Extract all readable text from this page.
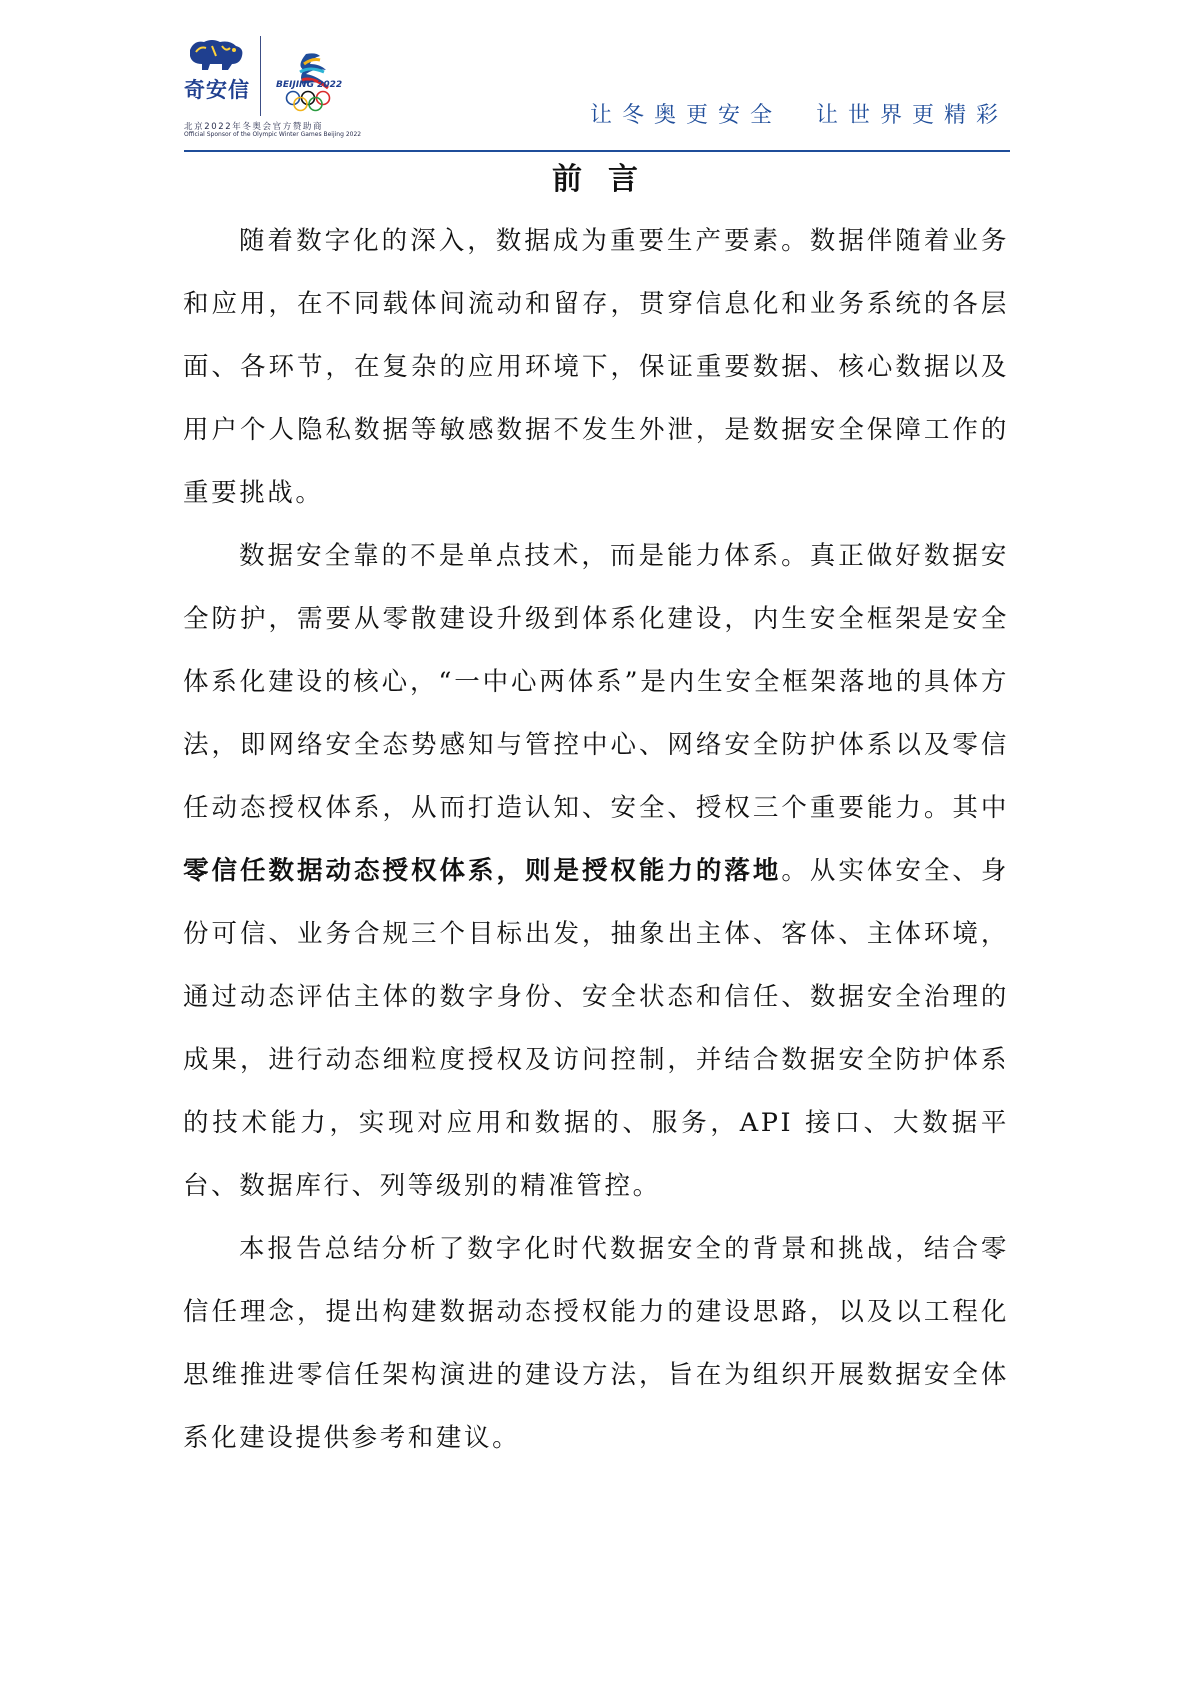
奇安信	BEIJING 2022
北京2022年冬奥会官方赞助商
Official Sponsor of the Olympic Winter Games Beijing 2022
让冬奥更安全  让世界更精彩
前言

随着数字化的深入，数据成为重要生产要素。数据伴随着业务和应用，在不同载体间流动和留存，贯穿信息化和业务系统的各层面、各环节，在复杂的应用环境下，保证重要数据、核心数据以及用户个人隐私数据等敏感数据不发生外泄，是数据安全保障工作的重要挑战。

数据安全靠的不是单点技术，而是能力体系。真正做好数据安全防护，需要从零散建设升级到体系化建设，内生安全框架是安全体系化建设的核心，“一中心两体系”是内生安全框架落地的具体方法，即网络安全态势感知与管控中心、网络安全防护体系以及零信任动态授权体系，从而打造认知、安全、授权三个重要能力。其中零信任数据动态授权体系，则是授权能力的落地。从实体安全、身份可信、业务合规三个目标出发，抽象出主体、客体、主体环境，通过动态评估主体的数字身份、安全状态和信任、数据安全治理的成果，进行动态细粒度授权及访问控制，并结合数据安全防护体系的技术能力，实现对应用和数据的、服务，API 接口、大数据平台、数据库行、列等级别的精准管控。

本报告总结分析了数字化时代数据安全的背景和挑战，结合零信任理念，提出构建数据动态授权能力的建设思路，以及以工程化思维推进零信任架构演进的建设方法，旨在为组织开展数据安全体系化建设提供参考和建议。
